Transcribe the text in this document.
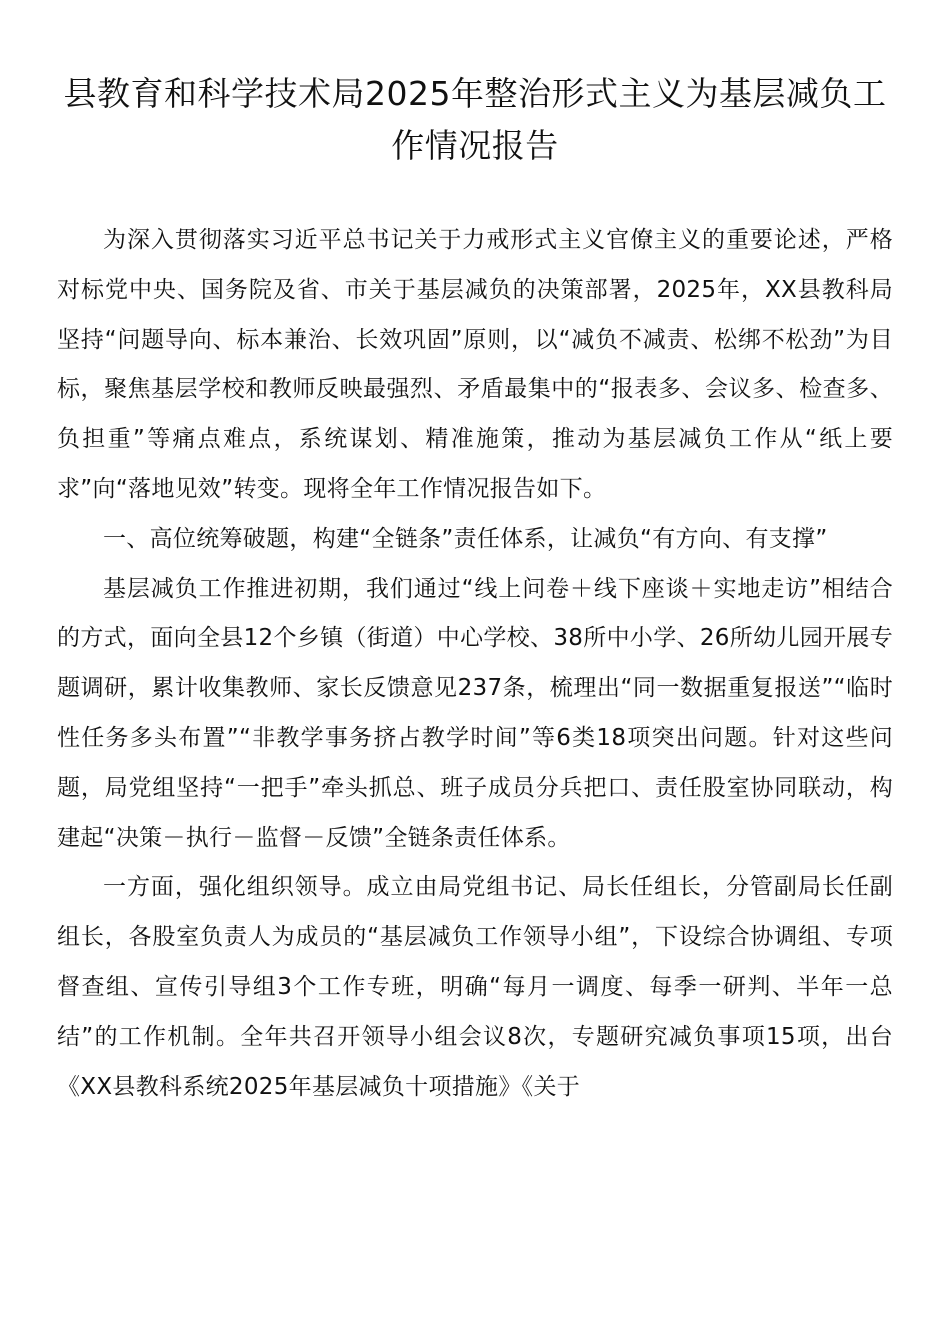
县教育和科学技术局2025年整治形式主义为基层减负工作情况报告

为深入贯彻落实习近平总书记关于力戒形式主义官僚主义的重要论述，严格对标党中央、国务院及省、市关于基层减负的决策部署，2025年，XX县教科局坚持“问题导向、标本兼治、长效巩固”原则，以“减负不减责、松绑不松劲”为目标，聚焦基层学校和教师反映最强烈、矛盾最集中的“报表多、会议多、检查多、负担重”等痛点难点，系统谋划、精准施策，推动为基层减负工作从“纸上要求”向“落地见效”转变。现将全年工作情况报告如下。

一、高位统筹破题，构建“全链条”责任体系，让减负“有方向、有支撑”

基层减负工作推进初期，我们通过“线上问卷＋线下座谈＋实地走访”相结合的方式，面向全县12个乡镇（街道）中心学校、38所中小学、26所幼儿园开展专题调研，累计收集教师、家长反馈意见237条，梳理出“同一数据重复报送”“临时性任务多头布置”“非教学事务挤占教学时间”等6类18项突出问题。针对这些问题，局党组坚持“一把手”牵头抓总、班子成员分兵把口、责任股室协同联动，构建起“决策－执行－监督－反馈”全链条责任体系。

一方面，强化组织领导。成立由局党组书记、局长任组长，分管副局长任副组长，各股室负责人为成员的“基层减负工作领导小组”，下设综合协调组、专项督查组、宣传引导组3个工作专班，明确“每月一调度、每季一研判、半年一总结”的工作机制。全年共召开领导小组会议8次，专题研究减负事项15项，出台《XX县教科系统2025年基层减负十项措施》《关于
